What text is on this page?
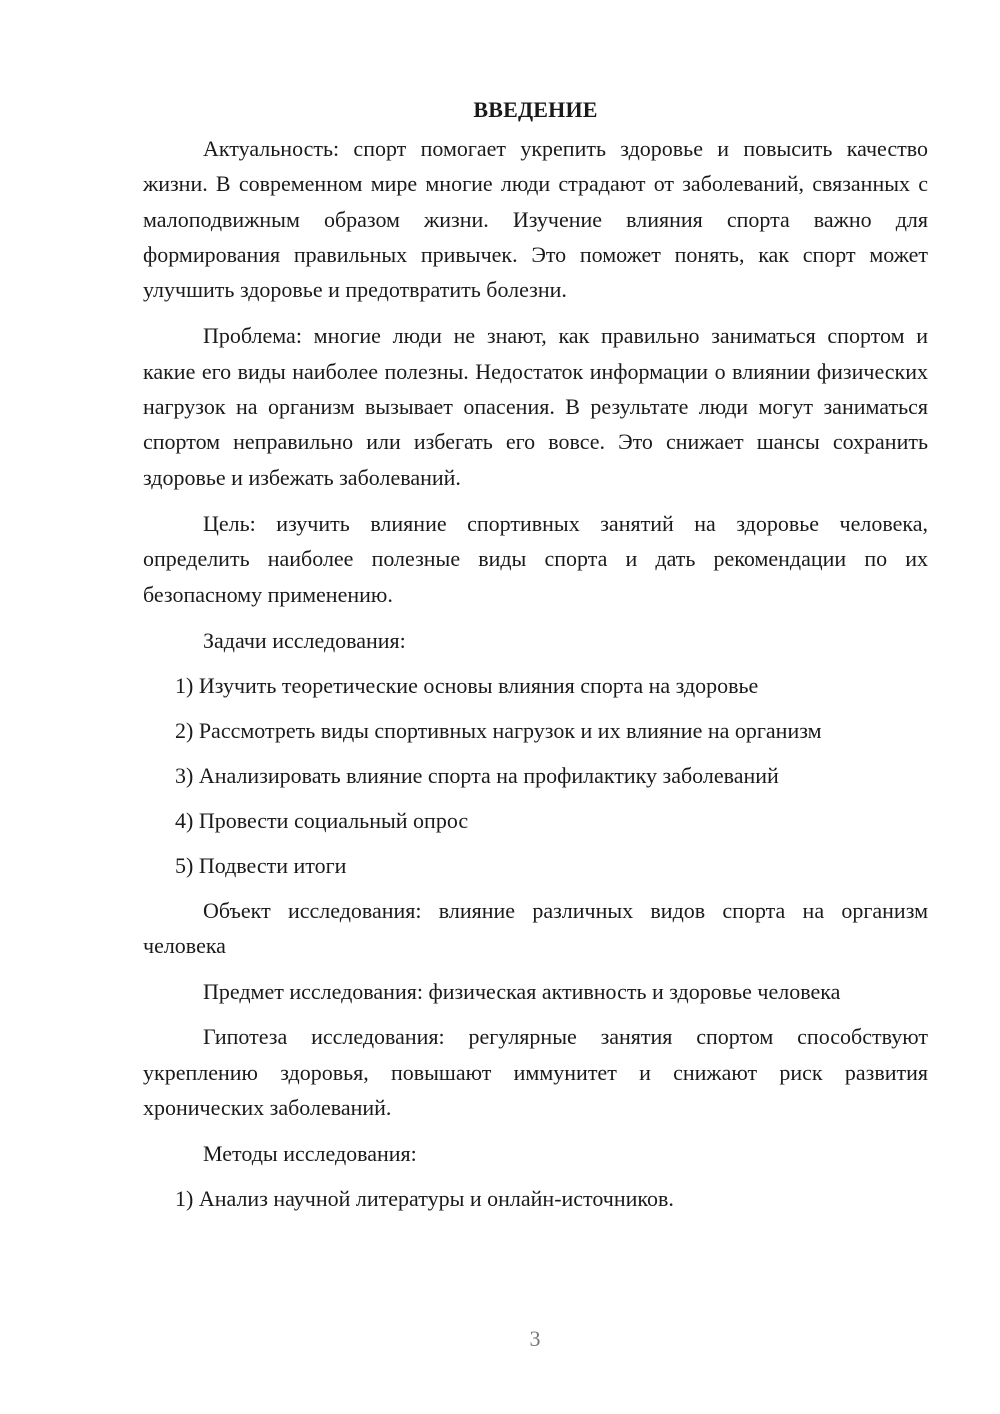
ВВЕДЕНИЕ

Актуальность: спорт помогает укрепить здоровье и повысить качество жизни. В современном мире многие люди страдают от заболеваний, связанных с малоподвижным образом жизни. Изучение влияния спорта важно для формирования правильных привычек. Это поможет понять, как спорт может улучшить здоровье и предотвратить болезни.

Проблема: многие люди не знают, как правильно заниматься спортом и какие его виды наиболее полезны. Недостаток информации о влиянии физических нагрузок на организм вызывает опасения. В результате люди могут заниматься спортом неправильно или избегать его вовсе. Это снижает шансы сохранить здоровье и избежать заболеваний.

Цель: изучить влияние спортивных занятий на здоровье человека, определить наиболее полезные виды спорта и дать рекомендации по их безопасному применению.

Задачи исследования:

1) Изучить теоретические основы влияния спорта на здоровье

2) Рассмотреть виды спортивных нагрузок и их влияние на организм

3) Анализировать влияние спорта на профилактику заболеваний

4) Провести социальный опрос

5) Подвести итоги

Объект исследования: влияние различных видов спорта на организм человека

Предмет исследования: физическая активность и здоровье человека

Гипотеза исследования: регулярные занятия спортом способствуют укреплению здоровья, повышают иммунитет и снижают риск развития хронических заболеваний.

Методы исследования:

1) Анализ научной литературы и онлайн-источников.

3
